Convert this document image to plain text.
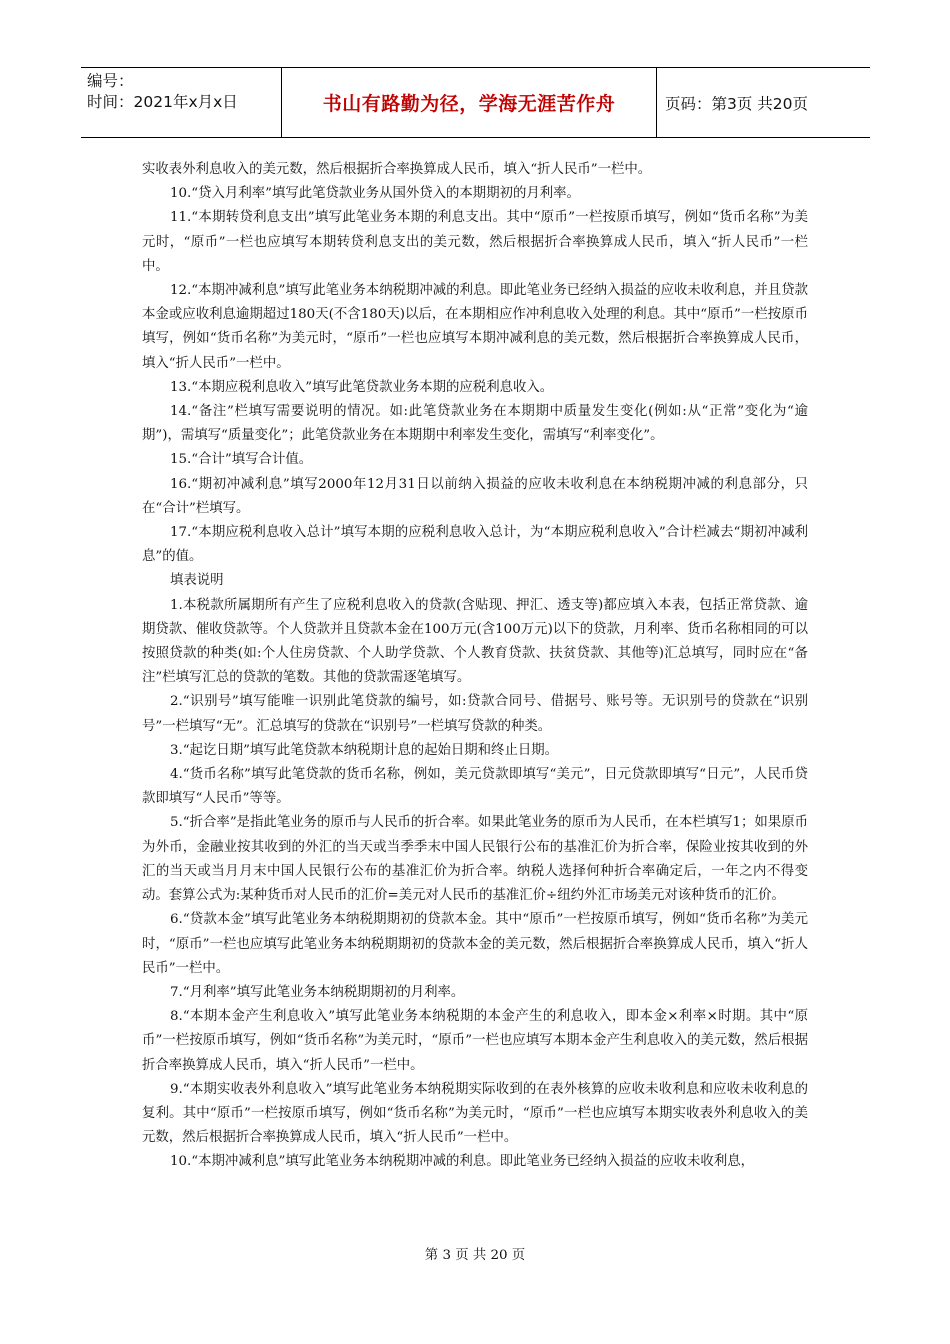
编号：
时间：2021年x月x日	书山有路勤为径，学海无涯苦作舟	页码：第3页 共20页

实收表外利息收入的美元数，然后根据折合率换算成人民币，填入“折人民币”一栏中。

10.“贷入月利率”填写此笔贷款业务从国外贷入的本期期初的月利率。

11.“本期转贷利息支出”填写此笔业务本期的利息支出。其中“原币”一栏按原币填写，例如“货币名称”为美元时，“原币”一栏也应填写本期转贷利息支出的美元数，然后根据折合率换算成人民币，填入“折人民币”一栏中。

12.“本期冲减利息”填写此笔业务本纳税期冲减的利息。即此笔业务已经纳入损益的应收未收利息，并且贷款本金或应收利息逾期超过180天(不含180天)以后，在本期相应作冲利息收入处理的利息。其中“原币”一栏按原币填写，例如“货币名称”为美元时，“原币”一栏也应填写本期冲减利息的美元数，然后根据折合率换算成人民币，填入“折人民币”一栏中。

13.“本期应税利息收入”填写此笔贷款业务本期的应税利息收入。

14.“备注”栏填写需要说明的情况。如:此笔贷款业务在本期期中质量发生变化(例如:从“正常”变化为“逾期”)，需填写“质量变化”；此笔贷款业务在本期期中利率发生变化，需填写“利率变化”。

15.“合计”填写合计值。

16.“期初冲减利息”填写2000年12月31日以前纳入损益的应收未收利息在本纳税期冲减的利息部分，只在“合计”栏填写。

17.“本期应税利息收入总计”填写本期的应税利息收入总计，为“本期应税利息收入”合计栏减去“期初冲减利息”的值。

填表说明

1.本税款所属期所有产生了应税利息收入的贷款(含贴现、押汇、透支等)都应填入本表，包括正常贷款、逾期贷款、催收贷款等。个人贷款并且贷款本金在100万元(含100万元)以下的贷款，月利率、货币名称相同的可以按照贷款的种类(如:个人住房贷款、个人助学贷款、个人教育贷款、扶贫贷款、其他等)汇总填写，同时应在“备注”栏填写汇总的贷款的笔数。其他的贷款需逐笔填写。

2.“识别号”填写能唯一识别此笔贷款的编号，如:贷款合同号、借据号、账号等。无识别号的贷款在“识别号”一栏填写“无”。汇总填写的贷款在“识别号”一栏填写贷款的种类。

3.“起讫日期”填写此笔贷款本纳税期计息的起始日期和终止日期。

4.“货币名称”填写此笔贷款的货币名称，例如，美元贷款即填写“美元”，日元贷款即填写“日元”，人民币贷款即填写“人民币”等等。

5.“折合率”是指此笔业务的原币与人民币的折合率。如果此笔业务的原币为人民币，在本栏填写1；如果原币为外币，金融业按其收到的外汇的当天或当季季末中国人民银行公布的基准汇价为折合率，保险业按其收到的外汇的当天或当月月末中国人民银行公布的基准汇价为折合率。纳税人选择何种折合率确定后，一年之内不得变动。套算公式为:某种货币对人民币的汇价=美元对人民币的基准汇价÷纽约外汇市场美元对该种货币的汇价。

6.“贷款本金”填写此笔业务本纳税期期初的贷款本金。其中“原币”一栏按原币填写，例如“货币名称”为美元时，“原币”一栏也应填写此笔业务本纳税期期初的贷款本金的美元数，然后根据折合率换算成人民币，填入“折人民币”一栏中。

7.“月利率”填写此笔业务本纳税期期初的月利率。

8.“本期本金产生利息收入”填写此笔业务本纳税期的本金产生的利息收入，即本金×利率×时期。其中“原币”一栏按原币填写，例如“货币名称”为美元时，“原币”一栏也应填写本期本金产生利息收入的美元数，然后根据折合率换算成人民币，填入“折人民币”一栏中。

9.“本期实收表外利息收入”填写此笔业务本纳税期实际收到的在表外核算的应收未收利息和应收未收利息的复利。其中“原币”一栏按原币填写，例如“货币名称”为美元时，“原币”一栏也应填写本期实收表外利息收入的美元数，然后根据折合率换算成人民币，填入“折人民币”一栏中。

10.“本期冲减利息”填写此笔业务本纳税期冲减的利息。即此笔业务已经纳入损益的应收未收利息，

第 3 页 共 20 页
